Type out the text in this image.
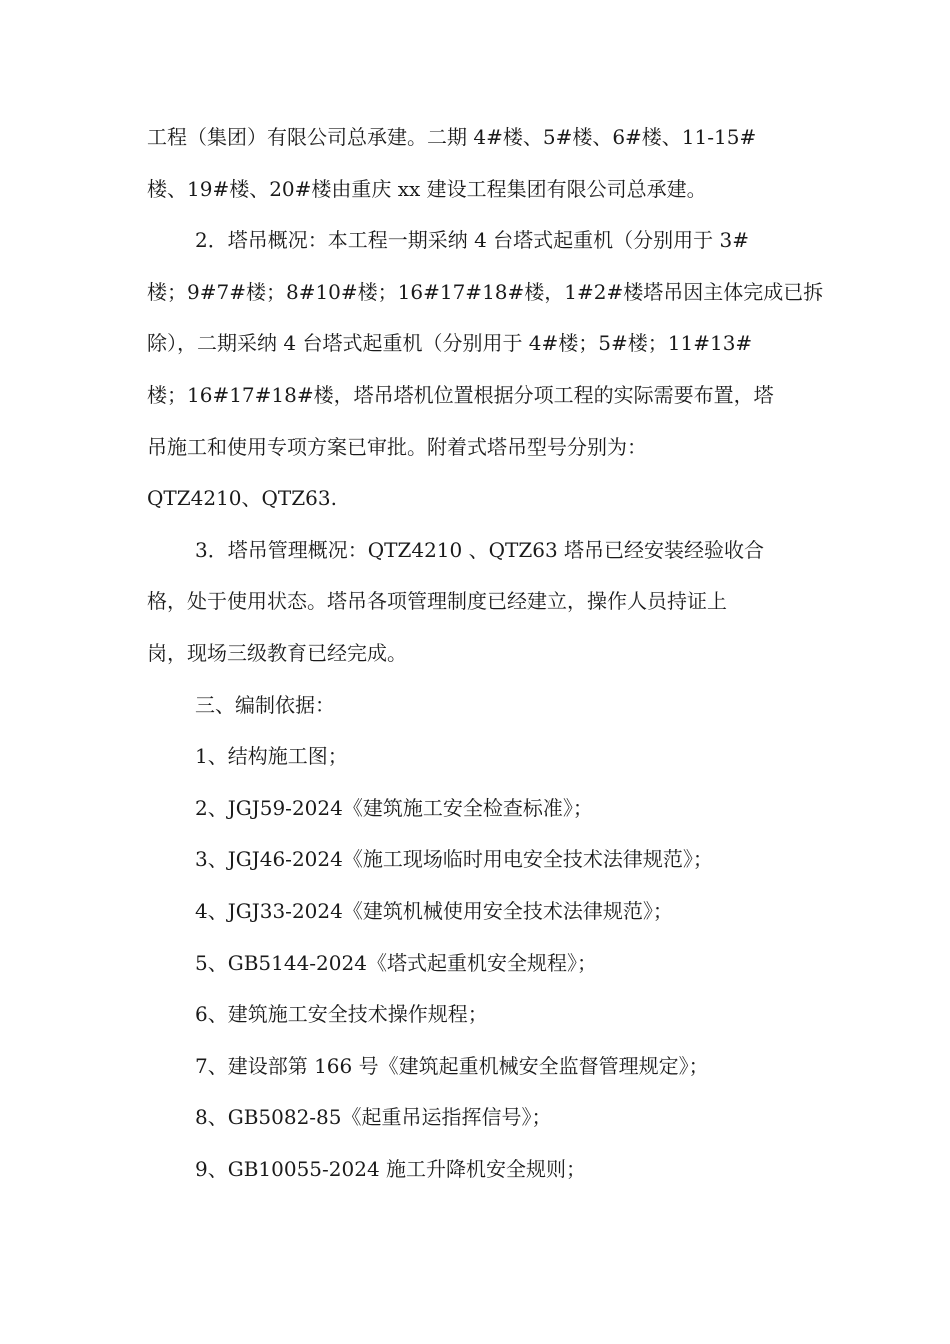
工程（集团）有限公司总承建。二期 4#楼、5#楼、6#楼、11-15#
楼、19#楼、20#楼由重庆 xx 建设工程集团有限公司总承建。
2．塔吊概况：本工程一期采纳 4 台塔式起重机（分别用于 3#
楼；9#7#楼；8#10#楼；16#17#18#楼，1#2#楼塔吊因主体完成已拆
除），二期采纳 4 台塔式起重机（分别用于 4#楼；5#楼；11#13#
楼；16#17#18#楼，塔吊塔机位置根据分项工程的实际需要布置，塔
吊施工和使用专项方案已审批。附着式塔吊型号分别为：
QTZ4210、QTZ63.
3．塔吊管理概况：QTZ4210 、QTZ63 塔吊已经安装经验收合
格，处于使用状态。塔吊各项管理制度已经建立，操作人员持证上
岗，现场三级教育已经完成。
三、编制依据：
1、结构施工图；
2、JGJ59-2024《建筑施工安全检查标准》；
3、JGJ46-2024《施工现场临时用电安全技术法律规范》；
4、JGJ33-2024《建筑机械使用安全技术法律规范》；
5、GB5144-2024《塔式起重机安全规程》；
6、建筑施工安全技术操作规程；
7、建设部第 166 号《建筑起重机械安全监督管理规定》；
8、GB5082-85《起重吊运指挥信号》；
9、GB10055-2024 施工升降机安全规则；
